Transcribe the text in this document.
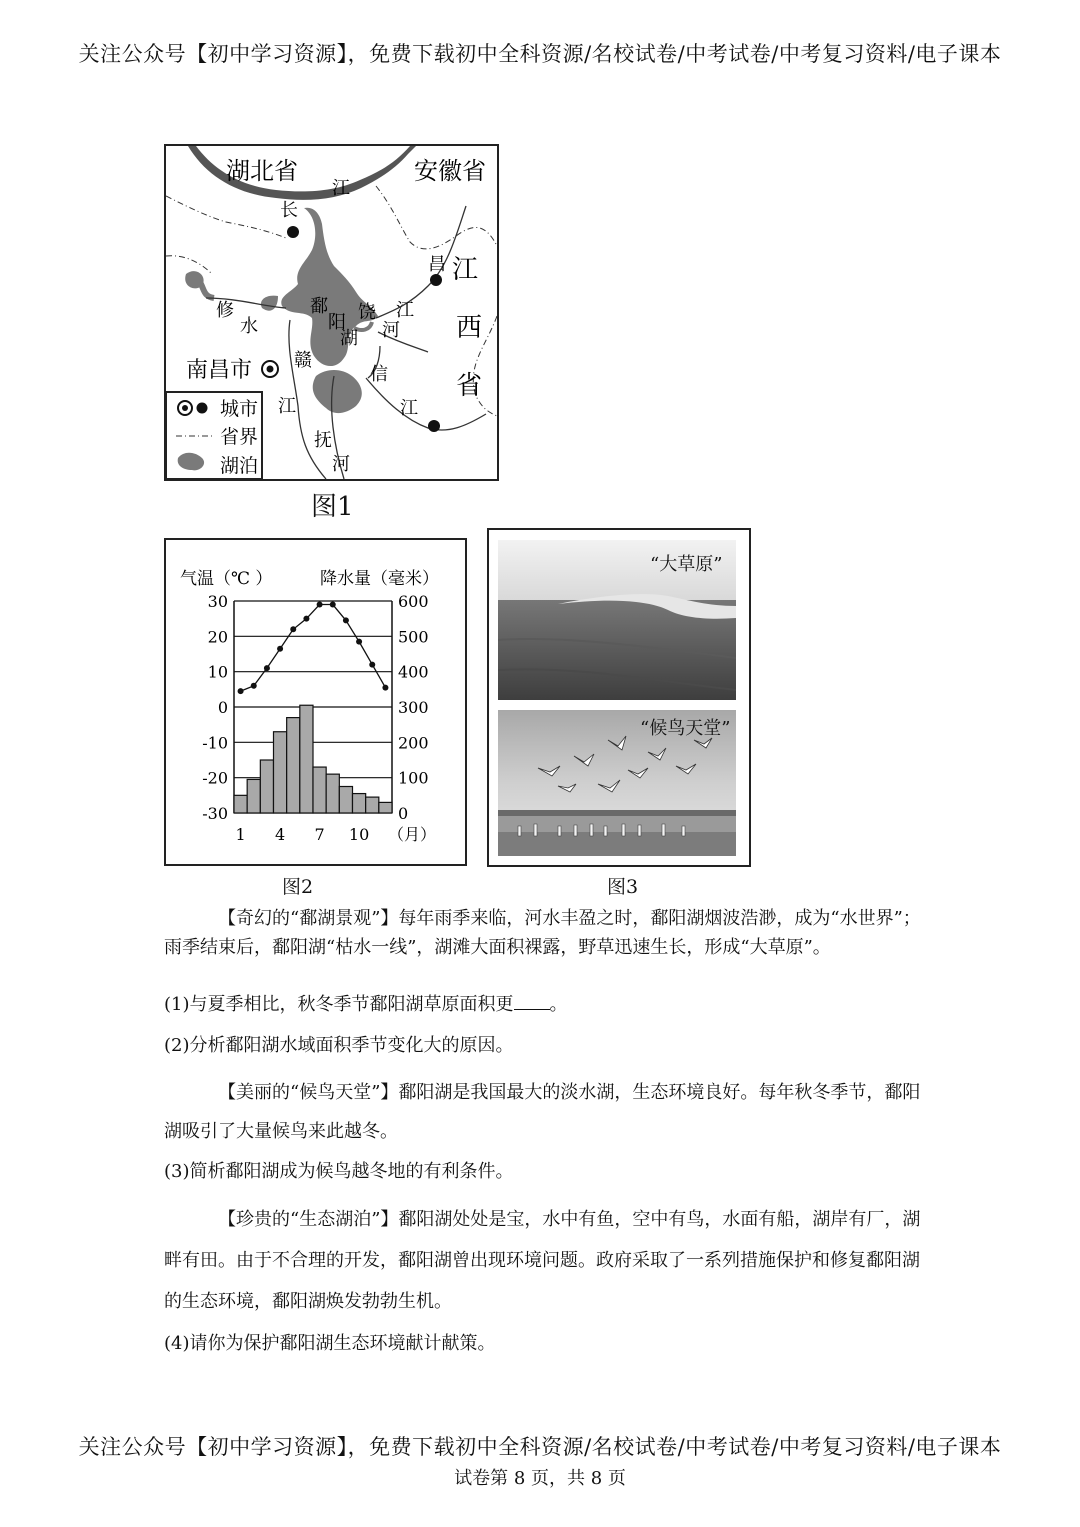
关注公众号【初中学习资源】，免费下载初中全科资源/名校试卷/中考试卷/中考复习资料/电子课本
湖北省	安徽省
江
长
昌 江
西
省
修
水
鄱
阳
湖
饶
河
江
赣
江
信
江
抚
河
南昌市
城市
省界
湖泊
图1
气温（℃ ）	降水量（毫米）
30
20
10
0
-10
-20
-30
600
500
400
300
200
100
0
1 4 7 10 （月）
图2
“大草原”
“候鸟天堂”
图3
【奇幻的“鄱湖景观”】每年雨季来临，河水丰盈之时，鄱阳湖烟波浩渺，成为“水世界”；雨季结束后，鄱阳湖“枯水一线”，湖滩大面积裸露，野草迅速生长，形成“大草原”。
(1)与夏季相比，秋冬季节鄱阳湖草原面积更 。
(2)分析鄱阳湖水域面积季节变化大的原因。
【美丽的“候鸟天堂”】鄱阳湖是我国最大的淡水湖，生态环境良好。每年秋冬季节，鄱阳湖吸引了大量候鸟来此越冬。
(3)简析鄱阳湖成为候鸟越冬地的有利条件。
【珍贵的“生态湖泊”】鄱阳湖处处是宝，水中有鱼，空中有鸟，水面有船，湖岸有厂，湖畔有田。由于不合理的开发，鄱阳湖曾出现环境问题。政府采取了一系列措施保护和修复鄱阳湖的生态环境，鄱阳湖焕发勃勃生机。
(4)请你为保护鄱阳湖生态环境献计献策。
关注公众号【初中学习资源】，免费下载初中全科资源/名校试卷/中考试卷/中考复习资料/电子课本
试卷第 8 页，共 8 页
